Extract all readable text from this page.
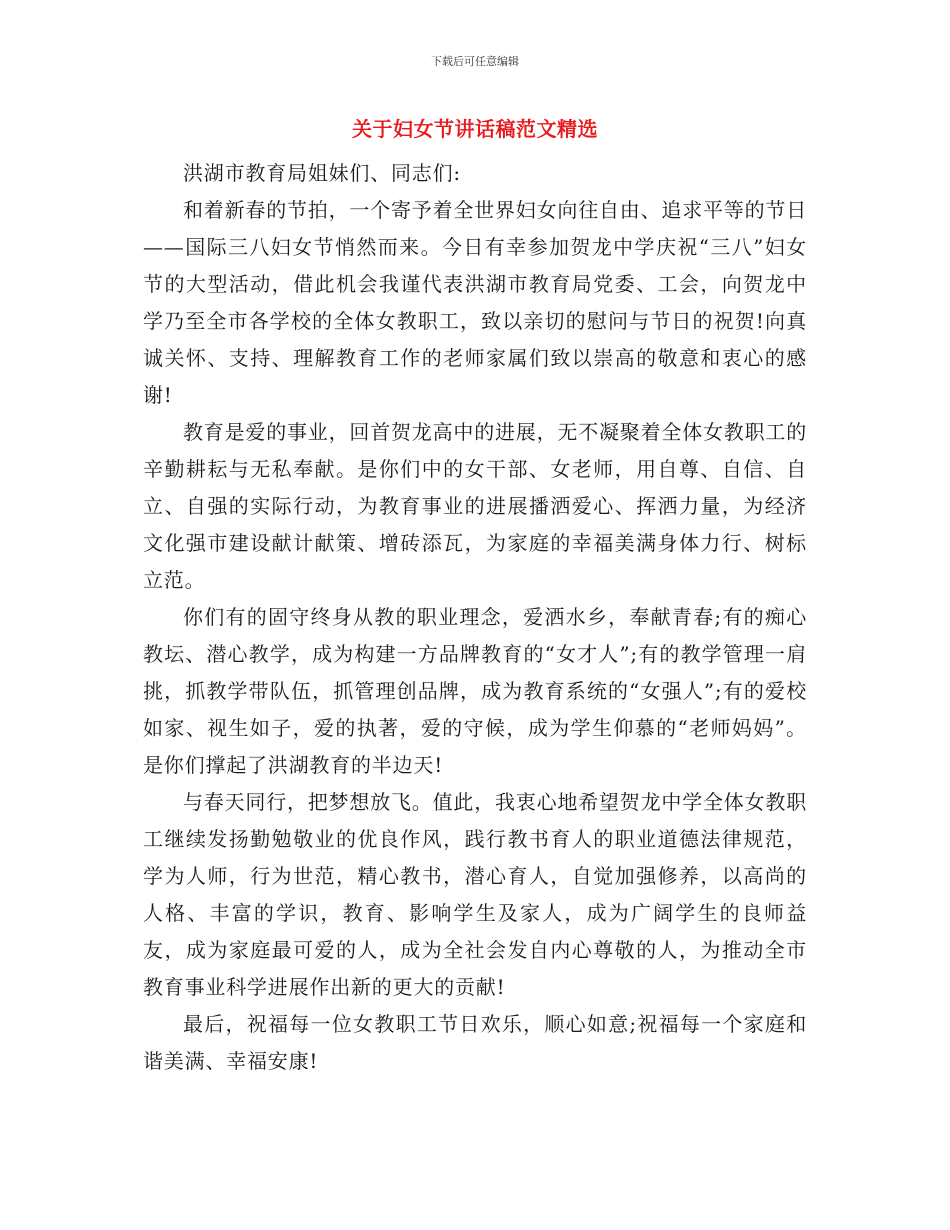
下载后可任意编辑
关于妇女节讲话稿范文精选

洪湖市教育局姐妹们、同志们:

和着新春的节拍，一个寄予着全世界妇女向往自由、追求平等的节日——国际三八妇女节悄然而来。今日有幸参加贺龙中学庆祝“三八”妇女节的大型活动，借此机会我谨代表洪湖市教育局党委、工会，向贺龙中学乃至全市各学校的全体女教职工，致以亲切的慰问与节日的祝贺!向真诚关怀、支持、理解教育工作的老师家属们致以崇高的敬意和衷心的感谢!

教育是爱的事业，回首贺龙高中的进展，无不凝聚着全体女教职工的辛勤耕耘与无私奉献。是你们中的女干部、女老师，用自尊、自信、自立、自强的实际行动，为教育事业的进展播洒爱心、挥洒力量，为经济文化强市建设献计献策、增砖添瓦，为家庭的幸福美满身体力行、树标立范。

你们有的固守终身从教的职业理念，爱洒水乡，奉献青春;有的痴心教坛、潜心教学，成为构建一方品牌教育的“女才人”;有的教学管理一肩挑，抓教学带队伍，抓管理创品牌，成为教育系统的“女强人”;有的爱校如家、视生如子，爱的执著，爱的守候，成为学生仰慕的“老师妈妈”。是你们撑起了洪湖教育的半边天!

与春天同行，把梦想放飞。值此，我衷心地希望贺龙中学全体女教职工继续发扬勤勉敬业的优良作风，践行教书育人的职业道德法律规范，学为人师，行为世范，精心教书，潜心育人，自觉加强修养，以高尚的人格、丰富的学识，教育、影响学生及家人，成为广阔学生的良师益友，成为家庭最可爱的人，成为全社会发自内心尊敬的人，为推动全市教育事业科学进展作出新的更大的贡献!

最后，祝福每一位女教职工节日欢乐，顺心如意;祝福每一个家庭和谐美满、幸福安康!
